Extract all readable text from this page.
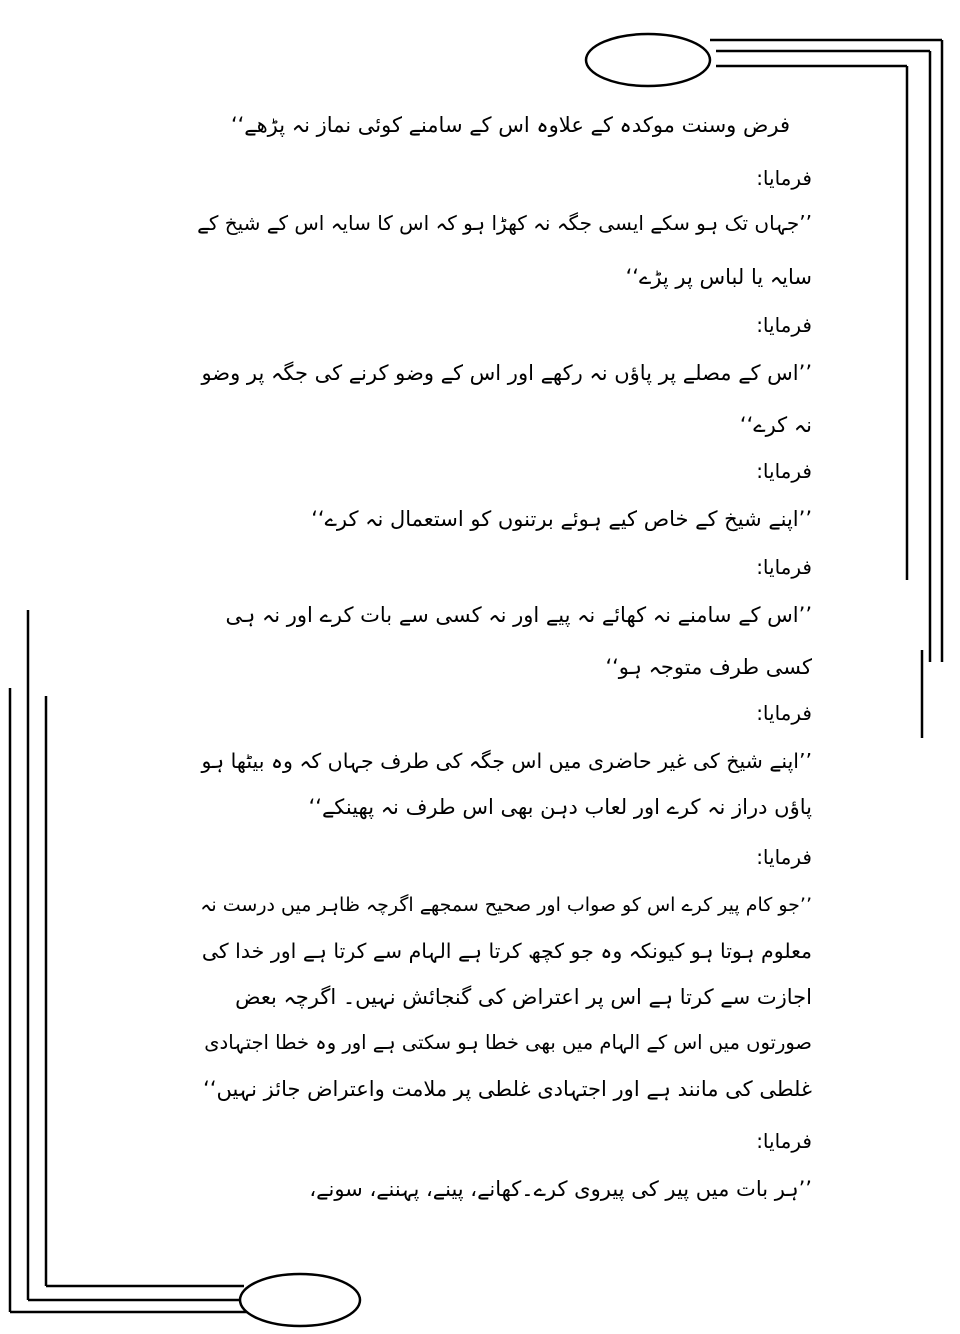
فرض وسنت موکدہ کے علاوہ اس کے سامنے کوئی نماز نہ پڑھے‘‘
فرمایا:
’’جہاں تک ہو سکے ایسی جگہ نہ کھڑا ہو کہ اس کا سایہ اس کے شیخ کے
سایہ یا لباس پر پڑے‘‘
فرمایا:
’’اس کے مصلے پر پاؤں نہ رکھے اور اس کے وضو کرنے کی جگہ پر وضو
نہ کرے‘‘
فرمایا:
’’اپنے شیخ کے خاص کیے ہوئے برتنوں کو استعمال نہ کرے‘‘
فرمایا:
’’اس کے سامنے نہ کھائے نہ پیے اور نہ کسی سے بات کرے اور نہ ہی
کسی طرف متوجہ ہو‘‘
فرمایا:
’’اپنے شیخ کی غیر حاضری میں اس جگہ کی طرف جہاں کہ وہ بیٹھا ہو
پاؤں دراز نہ کرے اور لعاب دہن بھی اس طرف نہ پھینکے‘‘
فرمایا:
’’جو کام پیر کرے اس کو صواب اور صحیح سمجھے اگرچہ ظاہر میں درست نہ
معلوم ہوتا ہو کیونکہ وہ جو کچھ کرتا ہے الہام سے کرتا ہے اور خدا کی
اجازت سے کرتا ہے اس پر اعتراض کی گنجائش نہیں۔ اگرچہ بعض
صورتوں میں اس کے الہام میں بھی خطا ہو سکتی ہے اور وہ خطا اجتہادی
غلطی کی مانند ہے اور اجتہادی غلطی پر ملامت واعتراض جائز نہیں‘‘
فرمایا:
’’ہر بات میں پیر کی پیروی کرے۔کھانے، پینے، پہننے، سونے،
